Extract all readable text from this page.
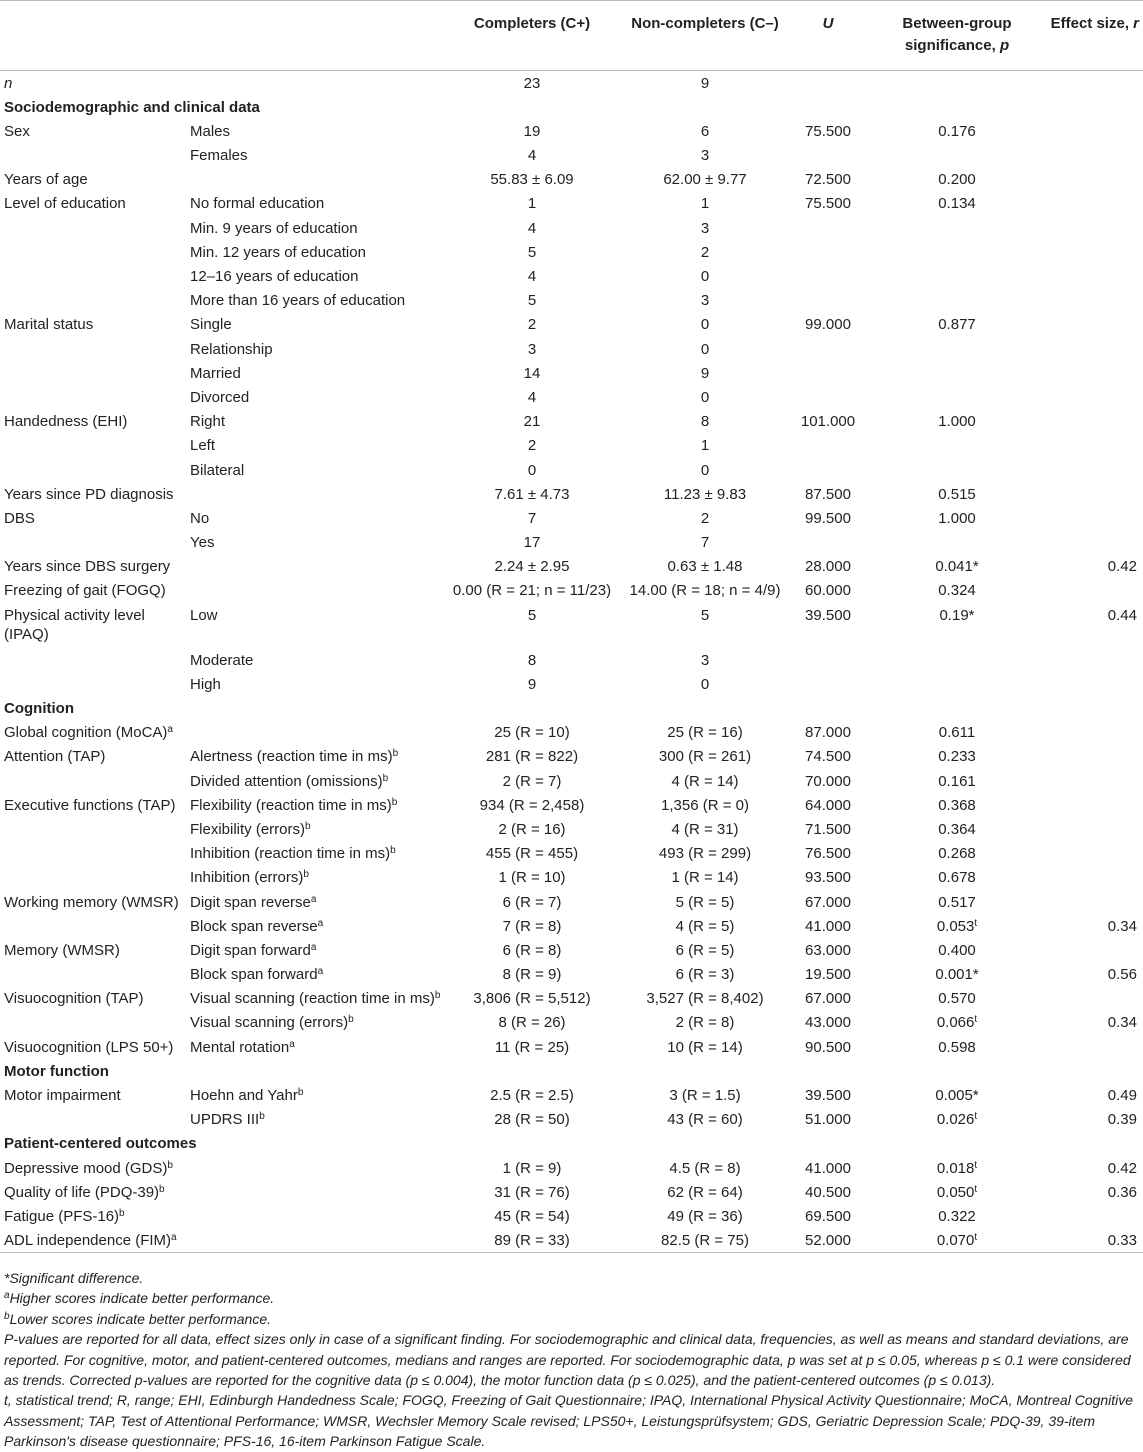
		Completers (C+)	Non-completers (C–)	U	Between-group
significance, p	Effect size, r
n		23	9			
Sociodemographic and clinical data						
Sex	Males	19	6	75.500	0.176	
	Females	4	3			
Years of age		55.83 ± 6.09	62.00 ± 9.77	72.500	0.200	
Level of education	No formal education	1	1	75.500	0.134	
	Min. 9 years of education	4	3			
	Min. 12 years of education	5	2			
	12–16 years of education	4	0			
	More than 16 years of education	5	3			
Marital status	Single	2	0	99.000	0.877	
	Relationship	3	0			
	Married	14	9			
	Divorced	4	0			
Handedness (EHI)	Right	21	8	101.000	1.000	
	Left	2	1			
	Bilateral	0	0			
Years since PD diagnosis		7.61 ± 4.73	11.23 ± 9.83	87.500	0.515	
DBS	No	7	2	99.500	1.000	
	Yes	17	7			
Years since DBS surgery		2.24 ± 2.95	0.63 ± 1.48	28.000	0.041*	0.42
Freezing of gait (FOGQ)		0.00 (R = 21; n = 11/23)	14.00 (R = 18; n = 4/9)	60.000	0.324	
Physical activity level (IPAQ)	Low	5	5	39.500	0.19*	0.44
	Moderate	8	3			
	High	9	0			
Cognition						
Global cognition (MoCA)$^a$		25 (R = 10)	25 (R = 16)	87.000	0.611	
Attention (TAP)	Alertness (reaction time in ms)$^b$	281 (R = 822)	300 (R = 261)	74.500	0.233	
	Divided attention (omissions)$^b$	2 (R = 7)	4 (R = 14)	70.000	0.161	
Executive functions (TAP)	Flexibility (reaction time in ms)$^b$	934 (R = 2,458)	1,356 (R = 0)	64.000	0.368	
	Flexibility (errors)$^b$	2 (R = 16)	4 (R = 31)	71.500	0.364	
	Inhibition (reaction time in ms)$^b$	455 (R = 455)	493 (R = 299)	76.500	0.268	
	Inhibition (errors)$^b$	1 (R = 10)	1 (R = 14)	93.500	0.678	
Working memory (WMSR)	Digit span reverse$^a$	6 (R = 7)	5 (R = 5)	67.000	0.517	
	Block span reverse$^a$	7 (R = 8)	4 (R = 5)	41.000	0.053$^t$	0.34
Memory (WMSR)	Digit span forward$^a$	6 (R = 8)	6 (R = 5)	63.000	0.400	
	Block span forward$^a$	8 (R = 9)	6 (R = 3)	19.500	0.001*	0.56
Visuocognition (TAP)	Visual scanning (reaction time in ms)$^b$	3,806 (R = 5,512)	3,527 (R = 8,402)	67.000	0.570	
	Visual scanning (errors)$^b$	8 (R = 26)	2 (R = 8)	43.000	0.066$^t$	0.34
Visuocognition (LPS 50+)	Mental rotation$^a$	11 (R = 25)	10 (R = 14)	90.500	0.598	
Motor function						
Motor impairment	Hoehn and Yahr$^b$	2.5 (R = 2.5)	3 (R = 1.5)	39.500	0.005*	0.49
	UPDRS III$^b$	28 (R = 50)	43 (R = 60)	51.000	0.026$^t$	0.39
Patient-centered outcomes						
Depressive mood (GDS)$^b$		1 (R = 9)	4.5 (R = 8)	41.000	0.018$^t$	0.42
Quality of life $(PDQ-39)^b$		31 (R = 76)	62 (R = 64)	40.500	0.050$^t$	0.36
Fatigue $(PFS-16)^b$		45 (R = 54)	49 (R = 36)	69.500	0.322	
ADL independence (FIM)$^a$		89 (R = 33)	82.5 (R = 75)	52.000	0.070$^t$	0.33

*Significant difference.

$^a$Higher scores indicate better performance.

$^b$Lower scores indicate better performance.

P-values are reported for all data, effect sizes only in case of a significant finding. For sociodemographic and clinical data, frequencies, as well as means and standard deviations, are reported. For cognitive, motor, and patient-centered outcomes, medians and ranges are reported. For sociodemographic data, p was set at p ≤ 0.05, whereas p ≤ 0.1 were considered as trends. Corrected p-values are reported for the cognitive data (p ≤ 0.004), the motor function data (p ≤ 0.025), and the patient-centered outcomes (p ≤ 0.013).

t, statistical trend; R, range; EHI, Edinburgh Handedness Scale; FOGQ, Freezing of Gait Questionnaire; IPAQ, International Physical Activity Questionnaire; MoCA, Montreal Cognitive Assessment; TAP, Test of Attentional Performance; WMSR, Wechsler Memory Scale revised; LPS50+, Leistungsprüfsystem; GDS, Geriatric Depression Scale; PDQ-39, 39-item Parkinson's disease questionnaire; PFS-16, 16-item Parkinson Fatigue Scale.
